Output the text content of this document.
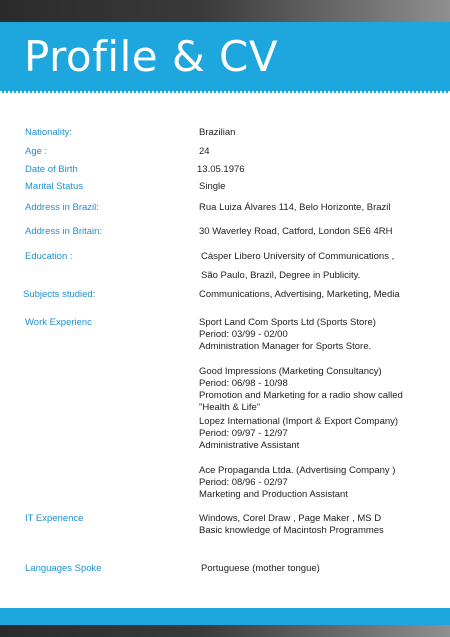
Profile & CV
Nationality:	Brazilian
Age :	24
Date of Birth	13.05.1976
Marital Status	Single
Address in Brazil:	Rua Luiza Álvares 114, Belo Horizonte, Brazil
Address in Britain:	30 Waverley Road, Catford, London SE6 4RH
Education :	Cásper Libero University of Communications ,
São Paulo, Brazil, Degree in Publicity.
Subjects studied:	Communications, Advertising, Marketing, Media
Work Experienc	Sport Land Com Sports Ltd (Sports Store)
Period: 03/99 - 02/00
Administration Manager for Sports Store.
Good Impressions (Marketing Consultancy)
Period: 06/98 - 10/98
Promotion and Marketing for a radio show called
"Health & Life"
Lopez International (Import & Export Company)
Period: 09/97 - 12/97
Administrative Assistant
Ace Propaganda Ltda. (Advertising Company )
Period: 08/96 - 02/97
Marketing and Production Assistant
IT Experience	Windows, Corel Draw , Page Maker , MS D
Basic knowledge of Macintosh Programmes
Languages Spoke	Portuguese (mother tongue)
